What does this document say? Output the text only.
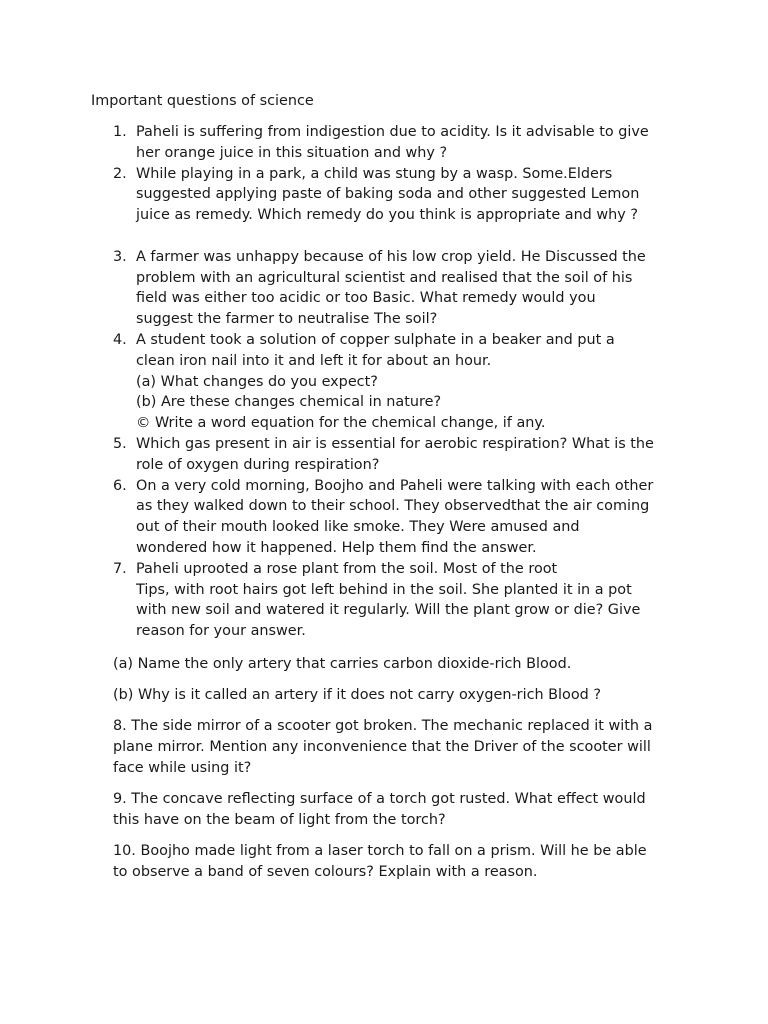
Important questions of science
1. Paheli is suffering from indigestion due to acidity. Is it advisable to give
her orange juice in this situation and why ?
2. While playing in a park, a child was stung by a wasp. Some.Elders
suggested applying paste of baking soda and other suggested Lemon
juice as remedy. Which remedy do you think is appropriate and why ?
3. A farmer was unhappy because of his low crop yield. He Discussed the
problem with an agricultural scientist and realised that the soil of his
field was either too acidic or too Basic. What remedy would you
suggest the farmer to neutralise The soil?
4. A student took a solution of copper sulphate in a beaker and put a
clean iron nail into it and left it for about an hour.
(a) What changes do you expect?
(b) Are these changes chemical in nature?
© Write a word equation for the chemical change, if any.
5. Which gas present in air is essential for aerobic respiration? What is the
role of oxygen during respiration?
6. On a very cold morning, Boojho and Paheli were talking with each other
as they walked down to their school. They observedthat the air coming
out of their mouth looked like smoke. They Were amused and
wondered how it happened. Help them find the answer.
7. Paheli uprooted a rose plant from the soil. Most of the root
Tips, with root hairs got left behind in the soil. She planted it in a pot
with new soil and watered it regularly. Will the plant grow or die? Give
reason for your answer.

(a) Name the only artery that carries carbon dioxide-rich Blood.

(b) Why is it called an artery if it does not carry oxygen-rich Blood ?

8. The side mirror of a scooter got broken. The mechanic replaced it with a
plane mirror. Mention any inconvenience that the Driver of the scooter will
face while using it?

9. The concave reflecting surface of a torch got rusted. What effect would
this have on the beam of light from the torch?

10. Boojho made light from a laser torch to fall on a prism. Will he be able
to observe a band of seven colours? Explain with a reason.
